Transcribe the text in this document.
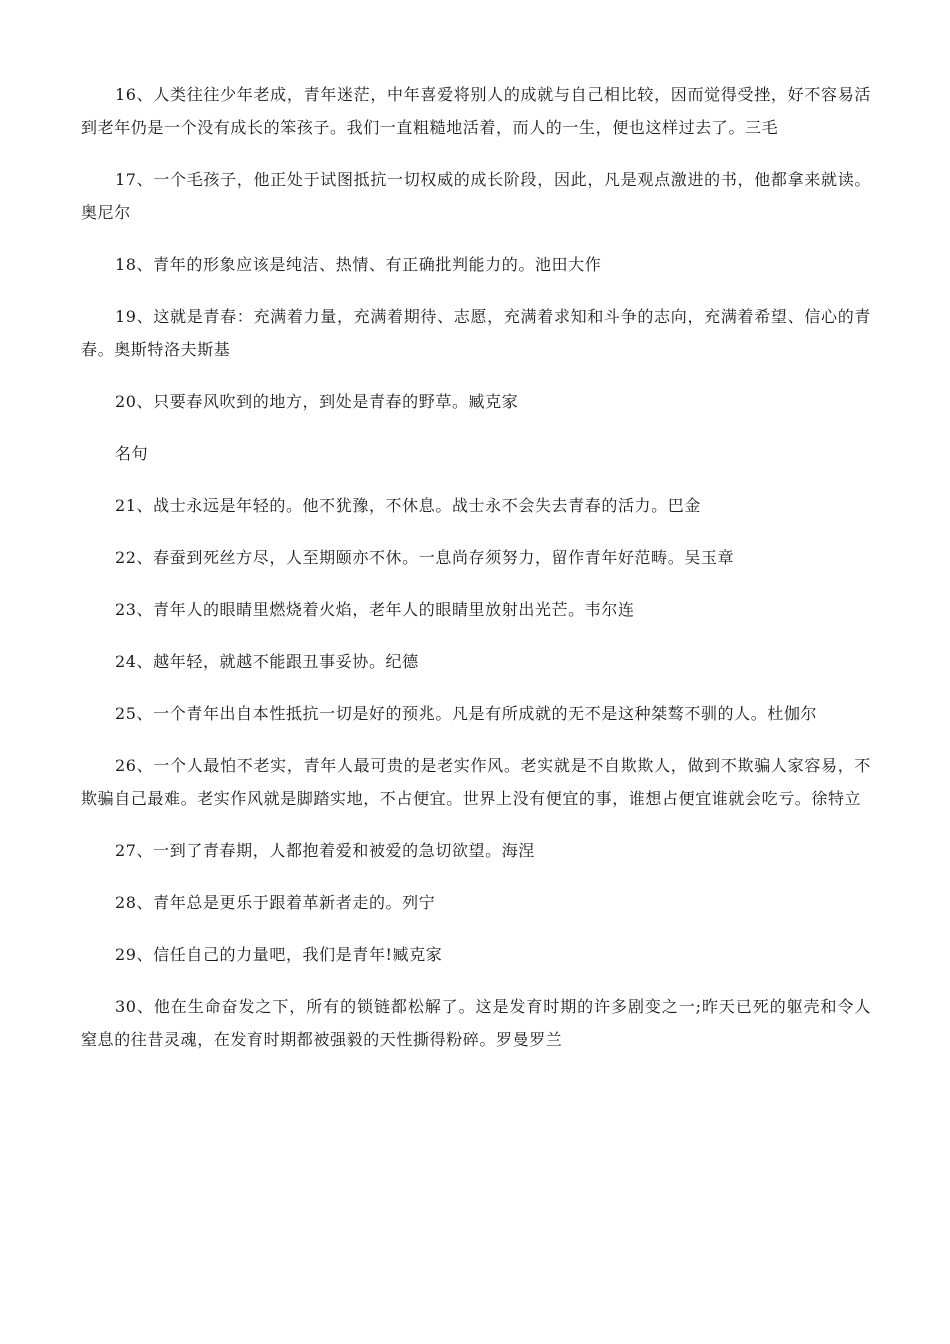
16、人类往往少年老成，青年迷茫，中年喜爱将别人的成就与自己相比较，因而觉得受挫，好不容易活到老年仍是一个没有成长的笨孩子。我们一直粗糙地活着，而人的一生，便也这样过去了。三毛

17、一个毛孩子，他正处于试图抵抗一切权威的成长阶段，因此，凡是观点激进的书，他都拿来就读。奥尼尔

18、青年的形象应该是纯洁、热情、有正确批判能力的。池田大作

19、这就是青春：充满着力量，充满着期待、志愿，充满着求知和斗争的志向，充满着希望、信心的青春。奥斯特洛夫斯基

20、只要春风吹到的地方，到处是青春的野草。臧克家

名句

21、战士永远是年轻的。他不犹豫，不休息。战士永不会失去青春的活力。巴金

22、春蚕到死丝方尽，人至期颐亦不休。一息尚存须努力，留作青年好范畴。吴玉章

23、青年人的眼睛里燃烧着火焰，老年人的眼睛里放射出光芒。韦尔连

24、越年轻，就越不能跟丑事妥协。纪德

25、一个青年出自本性抵抗一切是好的预兆。凡是有所成就的无不是这种桀骜不驯的人。杜伽尔

26、一个人最怕不老实，青年人最可贵的是老实作风。老实就是不自欺欺人，做到不欺骗人家容易，不欺骗自己最难。老实作风就是脚踏实地，不占便宜。世界上没有便宜的事，谁想占便宜谁就会吃亏。徐特立

27、一到了青春期，人都抱着爱和被爱的急切欲望。海涅

28、青年总是更乐于跟着革新者走的。列宁

29、信任自己的力量吧，我们是青年!臧克家

30、他在生命奋发之下，所有的锁链都松解了。这是发育时期的许多剧变之一;昨天已死的躯壳和令人窒息的往昔灵魂，在发育时期都被强毅的天性撕得粉碎。罗曼罗兰
